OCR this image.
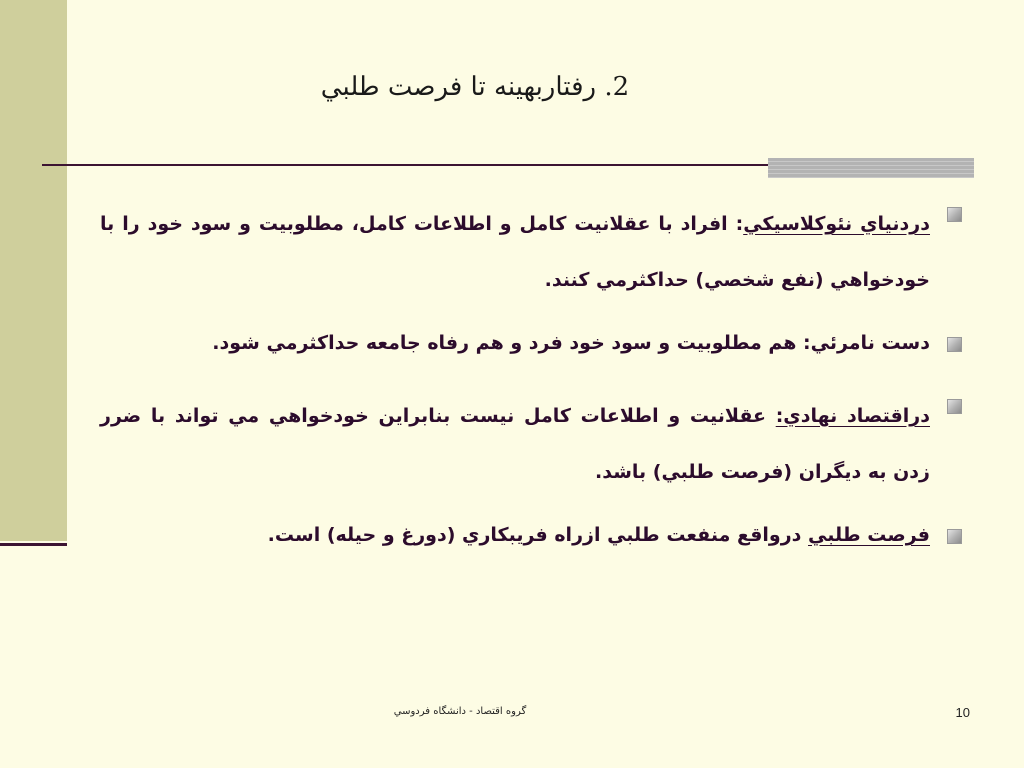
2. رفتاربهينه تا فرصت طلبي
دردنياي نئوكلاسيكي: افراد با عقلانيت كامل و اطلاعات كامل، مطلوبيت و سود خود را با خودخواهي (نفع شخصي) حداكثرمي كنند.
دست نامرئي: هم مطلوبيت و سود خود فرد و هم رفاه جامعه حداكثرمي شود.
دراقتصاد نهادي: عقلانيت و اطلاعات كامل نيست بنابراين خودخواهي مي تواند با ضرر زدن به ديگران (فرصت طلبي) باشد.
فرصت طلبي درواقع منفعت طلبي ازراه فريبكاري (دورغ و حيله) است.

گروه اقتصاد - دانشگاه فردوسي	10
